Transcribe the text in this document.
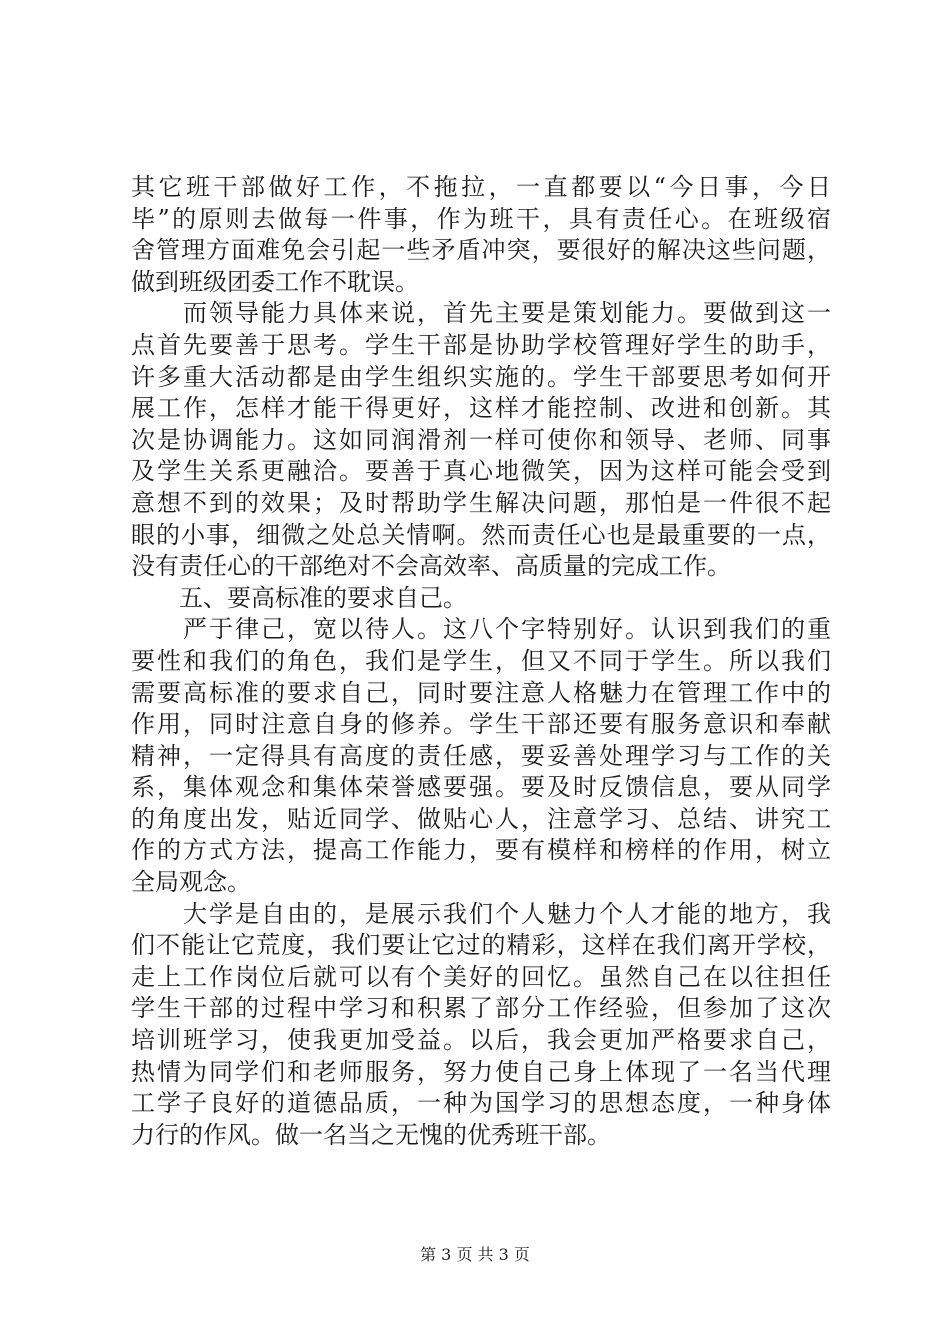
其它班干部做好工作，不拖拉，一直都要以“今日事，今日
毕”的原则去做每一件事，作为班干，具有责任心。在班级宿
舍管理方面难免会引起一些矛盾冲突，要很好的解决这些问题，
做到班级团委工作不耽误。
　　而领导能力具体来说，首先主要是策划能力。要做到这一
点首先要善于思考。学生干部是协助学校管理好学生的助手，
许多重大活动都是由学生组织实施的。学生干部要思考如何开
展工作，怎样才能干得更好，这样才能控制、改进和创新。其
次是协调能力。这如同润滑剂一样可使你和领导、老师、同事
及学生关系更融洽。要善于真心地微笑，因为这样可能会受到
意想不到的效果；及时帮助学生解决问题，那怕是一件很不起
眼的小事，细微之处总关情啊。然而责任心也是最重要的一点，
没有责任心的干部绝对不会高效率、高质量的完成工作。
　　五、要高标准的要求自己。
　　严于律己，宽以待人。这八个字特别好。认识到我们的重
要性和我们的角色，我们是学生，但又不同于学生。所以我们
需要高标准的要求自己，同时要注意人格魅力在管理工作中的
作用，同时注意自身的修养。学生干部还要有服务意识和奉献
精神，一定得具有高度的责任感，要妥善处理学习与工作的关
系，集体观念和集体荣誉感要强。要及时反馈信息，要从同学
的角度出发，贴近同学、做贴心人，注意学习、总结、讲究工
作的方式方法，提高工作能力，要有模样和榜样的作用，树立
全局观念。
　　大学是自由的，是展示我们个人魅力个人才能的地方，我
们不能让它荒度，我们要让它过的精彩，这样在我们离开学校，
走上工作岗位后就可以有个美好的回忆。虽然自己在以往担任
学生干部的过程中学习和积累了部分工作经验，但参加了这次
培训班学习，使我更加受益。以后，我会更加严格要求自己，
热情为同学们和老师服务，努力使自己身上体现了一名当代理
工学子良好的道德品质，一种为国学习的思想态度，一种身体
力行的作风。做一名当之无愧的优秀班干部。
第 3 页 共 3 页
